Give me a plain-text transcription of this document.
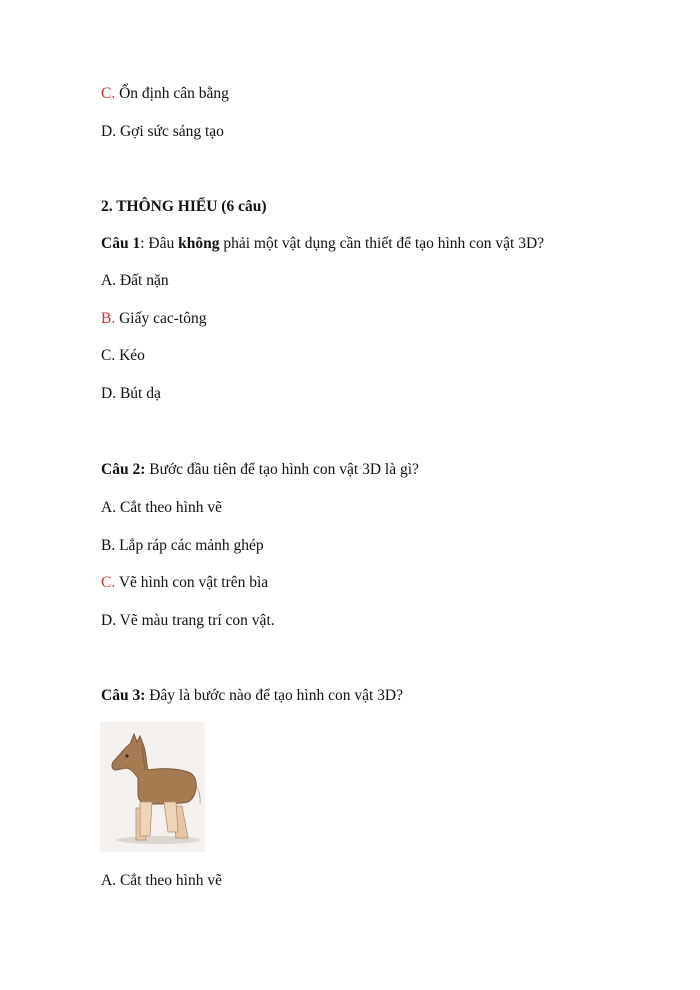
C. Ổn định cân bằng
D. Gợi sức sáng tạo
2. THÔNG HIỂU (6 câu)
Câu 1: Đâu không phải một vật dụng cần thiết để tạo hình con vật 3D?
A. Đất nặn
B. Giấy cac-tông
C. Kéo
D. Bút dạ
Câu 2: Bước đầu tiên để tạo hình con vật 3D là gì?
A. Cắt theo hình vẽ
B. Lắp ráp các mảnh ghép
C. Vẽ hình con vật trên bìa
D. Vẽ màu trang trí con vật.
Câu 3: Đây là bước nào để tạo hình con vật 3D?
A. Cắt theo hình vẽ
